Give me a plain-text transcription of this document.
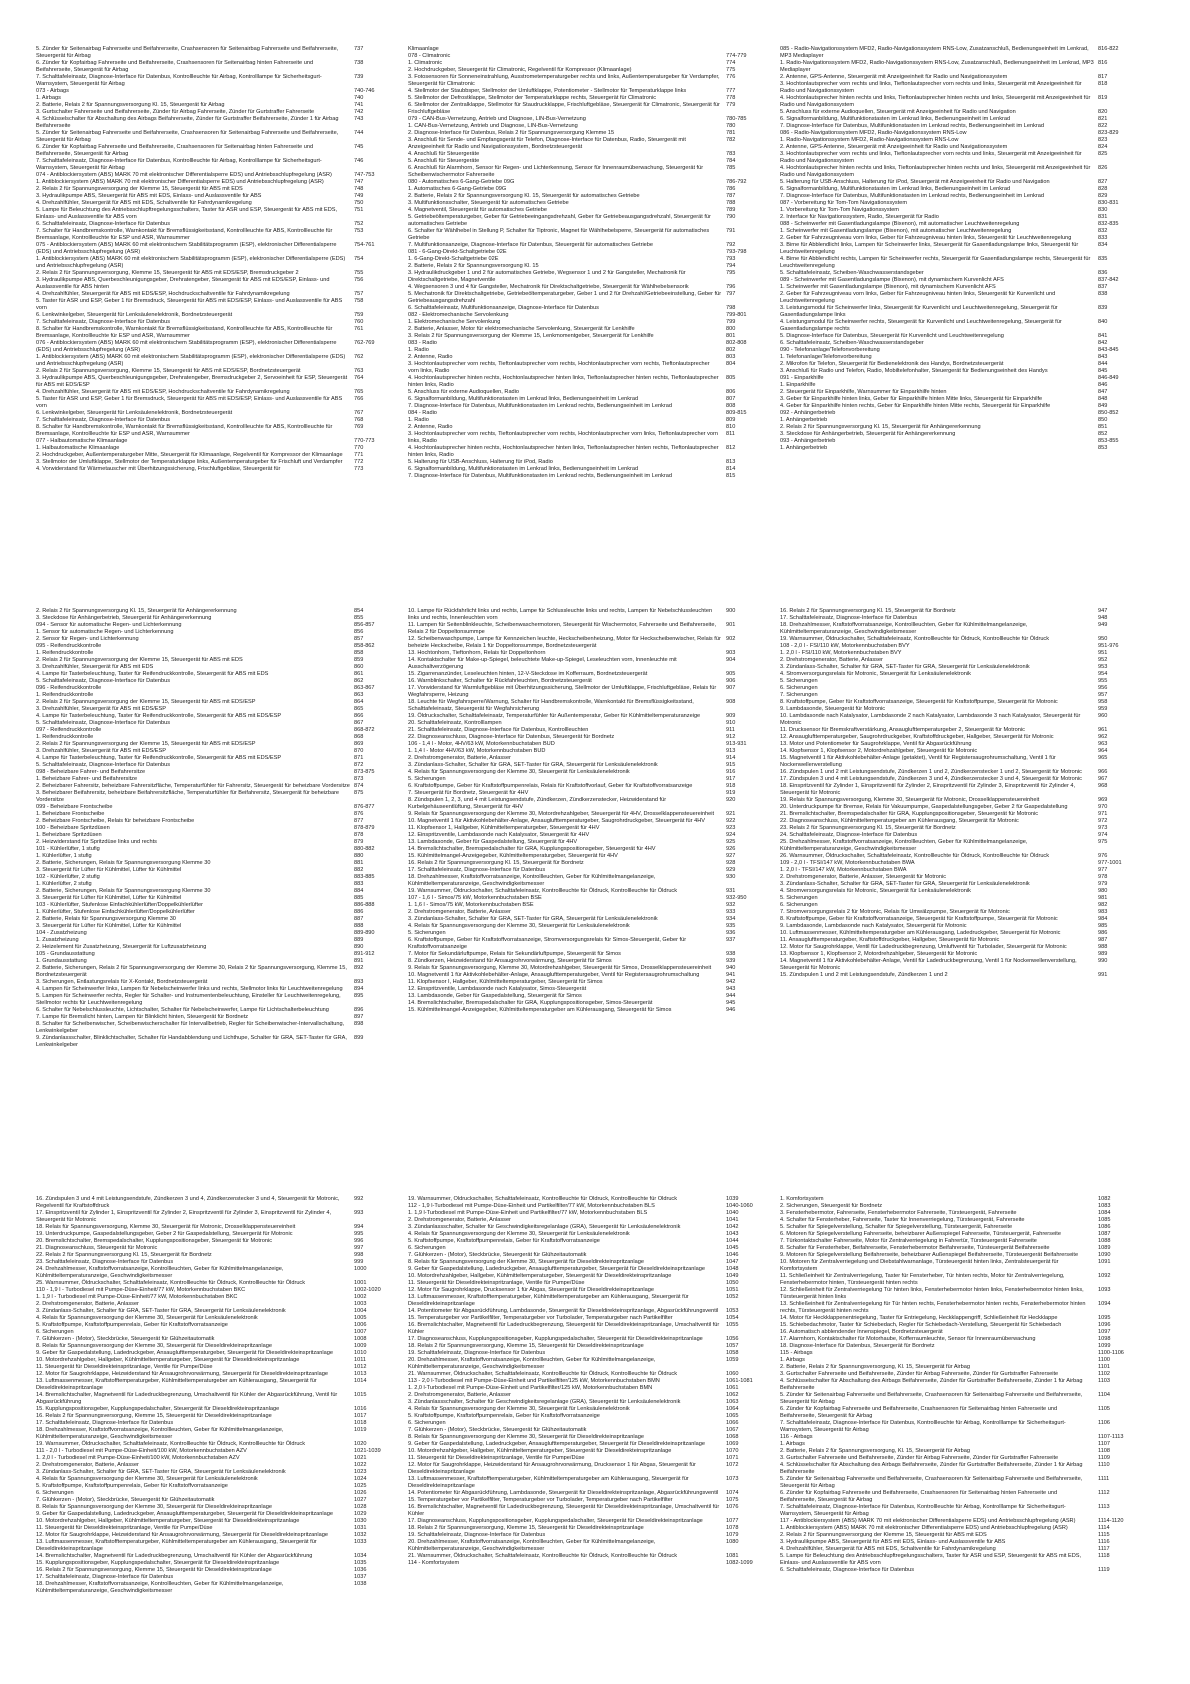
5. Zünder für Seitenairbag Fahrerseite und Beifahrerseite, Crashsensoren für Seitenairbag Fahrerseite und Beifahrerseite, Steuergerät für Airbag
737
6. Zünder für Kopfairbag Fahrerseite und Beifahrerseite, Crashsensoren für Seitenairbag hinten Fahrerseite und Beifahrerseite, Steuergerät für Airbag
738
7. Schalttafeleinsatz, Diagnose-Interface für Datenbus, Kontrollleuchte für Airbag, Kontrolllampe für Sicherheitsgurt-Warnsystem, Steuergerät für Airbag
739
073 - Airbags	740-746
1. Airbags	740
2. Batterie, Relais 2 für Spannungsversorgung Kl. 15, Steuergerät für Airbag	741
3. Gurtschalter Fahrerseite und Beifahrerseite, Zünder für Airbag Fahrerseite, Zünder für Gurtstraffer Fahrerseite	742
4. Schlüsselschalter für Abschaltung des Airbags Beifahrerseite, Zünder für Gurtstraffer Beifahrerseite, Zünder 1 für Airbag Beifahrerseite
743
5. Zünder für Seitenairbag Fahrerseite und Beifahrerseite, Crashsensoren für Seitenairbag Fahrerseite und Beifahrerseite, Steuergerät für Airbag
744
6. Zünder für Kopfairbag Fahrerseite und Beifahrerseite, Crashsensoren für Seitenairbag hinten Fahrerseite und Beifahrerseite, Steuergerät für Airbag
745
7. Schalttafeleinsatz, Diagnose-Interface für Datenbus, Kontrollleuchte für Airbag, Kontrolllampe für Sicherheitsgurt-Warnsystem, Steuergerät für Airbag
746
074 - Antiblockiersystem (ABS) MARK 70 mit elektronischer Differentialsperre EDS) und Antriebsschlupfregelung (ASR)	747-753
1. Antiblockiersystem (ABS) MARK 70 mit elektronischer Differentialsperre EDS) und Antriebsschlupfregelung (ASR)	747
2. Relais 2 für Spannungsversorgung der Klemme 15, Steuergerät für ABS mit EDS	748
3. Hydraulikpumpe ABS, Steuergerät für ABS mit EDS, Einlass- und Auslassventile für ABS	749
4. Drehzahlfühler, Steuergerät für ABS mit EDS, Schaltventile für Fahrdynamikregelung	750
5. Lampe für Beleuchtung des Antriebsschlupftregelungsschalters, Taster für ASR und ESP, Steuergerät für ABS mit EDS, Einlass- und Auslassventile für ABS vorn
751
6. Schalttafeleinsatz, Diagnose-Interface für Datenbus	752
7. Schalter für Handbremskontrolle, Warnkontakt für Bremsflüssigkeitsstand, Kontrollleuchte für ABS, Kontrollleuchte für Bremsanlage, Kontrollleuchte für ESP und ASR, Warnsummer
753
075 - Antiblockiersystem (ABS) MARK 60 mit elektronischem Stabilitätsprogramm (ESP), elektronischer Differentialsperre (EDS) und Antriebsschlupfregelung (ASR)
754-761
1. Antiblockiersystem (ABS) MARK 60 mit elektronischem Stabilitätsprogramm (ESP), elektronischer Differentialsperre (EDS) und Antriebsschlupfregelung (ASR)
754
2. Relais 2 für Spannungsversorgung, Klemme 15, Steuergerät für ABS mit EDS/ESP, Bremsdruckgeber 2	755
3. Hydraulikpumpe ABS, Querbeschleunigungsgeber, Drehratengeber, Steuergerät für ABS mit EDS/ESP, Einlass- und Auslassventile für ABS hinten
756
4. Drehzahlfühler, Steuergerät für ABS mit EDS/ESP, Hochdruckschaltventile für Fahrdynamikregelung	757
5. Taster für ASR und ESP, Geber 1 für Bremsdruck, Steuergerät für ABS mit EDS/ESP, Einlass- und Auslassventile für ABS vorn
758
6. Lenkwinkelgeber, Steuergerät für Lenksäulenelektronik, Bordnetzsteuergerät	759
7. Schalttafeleinsatz, Diagnose-Interface für Datenbus	760
8. Schalter für Handbremskontrolle, Warnkontakt für Bremsflüssigkeitsstand, Kontrollleuchte für ABS, Kontrollleuchte für Bremsanlage, Kontrollleuchte für ESP und ASR, Warnsummer
761
076 - Antiblockiersystem (ABS) MARK 60 mit elektronischem Stabilitätsprogramm (ESP), elektronischer Differentialsperre (EDS) und Antriebsschlupfregelung (ASR)
762-769
1. Antiblockiersystem (ABS) MARK 60 mit elektronischem Stabilitätsprogramm (ESP), elektronischer Differentialsperre (EDS) und Antriebsschlupfregelung (ASR)
762
2. Relais 2 für Spannungsversorgung, Klemme 15, Steuergerät für ABS mit EDS/ESP, Bordnetzsteuergerät	763
3. Hydraulikpumpe ABS, Querbeschleunigungsgeber, Drehratengeber, Bremsdruckgeber 2, Servoeinheit für ESP, Steuergerät für ABS mit EDS/ESP
764
4. Drehzahlfühler, Steuergerät für ABS mit EDS/ESP, Hochdruckschaltventile für Fahrdynamikregelung	765
5. Taster für ASR und ESP, Geber 1 für Bremsdruck, Steuergerät für ABS mit EDS/ESP, Einlass- und Auslassventile für ABS vorn
766
6. Lenkwinkelgeber, Steuergerät für Lenksäulenelektronik, Bordnetzsteuergerät	767
7. Schalttafeleinsatz, Diagnose-Interface für Datenbus	768
8. Schalter für Handbremskontrolle, Warnkontakt für Bremsflüssigkeitsstand, Kontrollleuchte für ABS, Kontrollleuchte für Bremsanlage, Kontrollleuchte für ESP und ASR, Warnsummer
769
077 - Halbautomatische Klimaanlage	770-773
1. Halbautomatische Klimaanlage	770
2. Hochdruckgeber, Außentemperaturgeber Mitte, Steuergerät für Klimaanlage, Regelventil für Kompressor der Klimaanlage	771
3. Stellmotor der Umluftklappe, Stellmotor der Temperaturklappe links, Außentemperaturgeber für Frischluft und Verdampfer	772
4. Vorwiderstand für Wärmetauscher mit Überhitzungssicherung, Frischluftgebläse, Steuergerät für	773
Klimaanlage
078 - Climatronic	774-779
1. Climatronic	774
2. Hochdruckgeber, Steuergerät für Climatronic, Regelventil für Kompressor (Klimaanlage)	775
3. Fotosensoren für Sonneneinstrahlung, Ausstrometemperaturgeber rechts und links, Außentemperaturgeber für Verdampfer, Steuergerät für Climatronic
776
4. Stellmotor der Staubbsper, Stellmotor der Umluftklappe, Potentiometer - Stellmotor für Temperaturklappe links	777
5. Stellmotor der Defrostklappe, Stellmotor der Temperaturklappe rechts, Steuergerät für Climatronic	778
6. Stellmotor der Zentralklappe, Stellmotor für Staudruckklappe, Frischluftgebläse, Steuergerät für Climatronic, Steuergerät für Frischluftgebläse
779
079 - CAN-Bus-Vernetzung, Antrieb und Diagnose, LIN-Bus-Vernetzung	780-785
1. CAN-Bus-Vernetzung, Antrieb und Diagnose, LIN-Bus-Vernetzung	780
2. Diagnose-Interface für Datenbus, Relais 2 für Spannungsversorgung Klemme 15	781
3. Anschluß für Sende- und Empfangsgerät für Telefon, Diagnose-Interface für Datenbus, Radio, Steuergerät mit Anzeigeeinheit für Radio und Navigationssystem, Bordnetzsteuergerät
782
4. Anschluß für Steuergeräte	783
5. Anschluß für Steuergeräte	784
6. Anschluß für Alarmhorn, Sensor für Regen- und Lichterkennung, Sensor für Innenraumüberwachung, Steuergerät für Scheibenwischermotor Fahrerseite
785
080 - Automatisches 6-Gang-Getriebe 09G	786-792
1. Automatisches 6-Gang-Getriebe 09G	786
2. Batterie, Relais 2 für Spannungsversorgung Kl. 15, Steuergerät für automatisches Getriebe	787
3. Multifunktionsschalter, Steuergerät für automatisches Getriebe	788
4. Magnetventil, Steuergerät für automatisches Getriebe	789
5. Getriebeöltemperaturgeber, Geber für Getriebeeingangsdrehzahl, Geber für Getriebeausgangsdrehzahl, Steuergerät für automatisches Getriebe
790
6. Schalter für Wählhebel in Stellung P, Schalter für Tiptronic, Magnet für Wählhebelsperre, Steuergerät für automatisches Getriebe
791
7. Multifunktionsanzeige, Diagnose-Interface für Datenbus, Steuergerät für automatisches Getriebe	792
081 - 6-Gang-Direkt-Schaltgetriebe 02E	793-798
1. 6-Gang-Direkt-Schaltgetriebe 02E	793
2. Batterie, Relais 2 für Spannungsversorgung Kl. 15	794
3. Hydraulikdruckgeber 1 und 2 für automatisches Getriebe, Wegsensor 1 und 2 für Gangsteller, Mechatronik für Direktschaltgetriebe, Magnetventile
795
4. Wegsensoren 3 und 4 für Gangsteller, Mechatronik für Direktschaltgetriebe, Steuergerät für Wählhebelsensorik	796
5. Mechatronik für Direktschaltgetriebe, Getriebeöltemperaturgeber, Geber 1 und 2 für Drehzahl/Getriebeeinstellung, Geber für Getriebeausgangsdrehzahl
797
6. Schalttafeleinsatz, Multifunktionsanzeige, Diagnose-Interface für Datenbus	798
082 - Elektromechanische Servolenkung	799-801
1. Elektromechanische Servolenkung	799
2. Batterie, Anlasser, Motor für elektromechanische Servolenkung, Steuergerät für Lenkhilfe	800
3. Relais 2 für Spannungsversorgung der Klemme 15, Lenkmomentgeber, Steuergerät für Lenkhilfe	801
083 - Radio	802-808
1. Radio	802
2. Antenne, Radio	803
3. Hochtonlautsprecher vorn rechts, Tieftonlautsprecher vorn rechts, Hochtonlautsprecher vorn rechts, Tieftonlautsprecher vorn links, Radio
804
4. Hochtonlautsprecher hinten rechts, Hochtonlautsprecher hinten links, Tieftonlautsprecher hinten rechts, Tieftonlautsprecher hinten links, Radio
805
5. Anschluss für externe Audioquellen, Radio	806
6. Signalformanbildung, Multifunktionstasten im Lenkrad links, Bedienungseinheit im Lenkrad	807
7. Diagnose-Interface für Datenbus, Multifunktionstasten im Lenkrad rechts, Bedienungseinheit im Lenkrad	808
084 - Radio	809-815
1. Radio	809
2. Antenne, Radio	810
3. Hochtonlautsprecher vorn rechts, Tieftonlautsprecher vorn rechts, Hochtonlautsprecher vorn links, Tieftonlautsprecher vorn links, Radio
811
4. Hochtonlautsprecher hinten rechts, Hochtonlautsprecher hinten links, Tieftonlautsprecher hinten rechts, Tieftonlautsprecher hinten links, Radio
812
5. Halterung für USB-Anschluss, Halterung für iPod, Radio	813
6. Signalformanbildung, Multifunktionstasten im Lenkrad links, Bedienungseinheit im Lenkrad	814
7. Diagnose-Interface für Datenbus, Multifunktionstasten im Lenkrad rechts, Bedienungseinheit im Lenkrad	815
085 - Radio-Navigationssystem MFD2, Radio-Navigationssystem RNS-Low, Zusatzanschluß, Bedienungseinheit im Lenkrad, MP3 Mediaplayer
816-822
1. Radio-Navigationssystem MFD2, Radio-Navigationssystem RNS-Low, Zusatzanschluß, Bedienungseinheit im Lenkrad, MP3 Mediaplayer
816
2. Antenne, GPS-Antenne, Steuergerät mit Anzeigeeinheit für Radio und Navigationssystem	817
3. Hochtonlautsprecher vorn rechts und links, Tieftonlautsprecher vorn rechts und links, Steuergerät mit Anzeigeeinheit für Radio und Navigationssystem
818
4. Hochtonlautsprecher hinten rechts und links, Tieftonlautsprecher hinten rechts und links, Steuergerät mit Anzeigeeinheit für Radio und Navigationssystem
819
5. Anschluss für externe Audioquellen, Steuergerät mit Anzeigeeinheit für Radio und Navigation	820
6. Signalformanbildung, Multifunktionstasten im Lenkrad links, Bedienungseinheit im Lenkrad	821
7. Diagnose-Interface für Datenbus, Multifunktionstasten im Lenkrad rechts, Bedienungseinheit im Lenkrad	822
086 - Radio-Navigationssystem MFD2, Radio-Navigationssystem RNS-Low	823-829
1. Radio-Navigationssystem MFD2, Radio-Navigationssystem RNS-Low	823
2. Antenne, GPS-Antenne, Steuergerät mit Anzeigeeinheit für Radio und Navigationssystem	824
3. Hochtonlautsprecher vorn rechts und links, Tieftonlautsprecher vorn rechts und links, Steuergerät mit Anzeigeeinheit für Radio und Navigationssystem
825
4. Hochtonlautsprecher hinten rechts und links, Tieftonlautsprecher hinten rechts und links, Steuergerät mit Anzeigeeinheit für Radio und Navigationssystem
826
5. Halterung für USB-Anschluss, Halterung für iPod, Steuergerät mit Anzeigeeinheit für Radio und Navigation	827
6. Signalformanbildung, Multifunktionstasten im Lenkrad links, Bedienungseinheit im Lenkrad	828
7. Diagnose-Interface für Datenbus, Multifunktionstasten im Lenkrad rechts, Bedienungseinheit im Lenkrad	829
087 - Vorbereitung für Tom-Tom Navigationssystem	830-831
1. Vorbereitung für Tom-Tom Navigationssystem	830
2. Interface für Navigationssystem, Radio, Steuergerät für Radio	831
088 - Scheinwerfer mit Gasentladungslampe (Bixenon), mit automatischer Leuchtweitenregelung	832-835
1. Scheinwerfer mit Gasentladungslampe (Bixenon), mit automatischer Leuchtweitenregelung	832
2. Geber für Fahrzeugniveau vorn links, Geber für Fahrzeugniveau hinten links, Steuergerät für Leuchtweitenregelung	833
3. Birne für Abblendlicht links, Lampen für Scheinwerfer links, Steuergerät für Gasentladungslampe links, Steuergerät für Leuchtweitenregelung
834
4. Birne für Abblendlicht rechts, Lampen für Scheinwerfer rechts, Steuergerät für Gasentladungslampe rechts, Steuergerät für Leuchtweitenregelung
835
5. Schalttafeleinsatz, Scheiben-Waschwasserstandsgeber	836
089 - Scheinwerfer mit Gasentladungslampe (Bixenon), mit dynamischem Kurvenlicht AFS	837-842
1. Scheinwerfer mit Gasentladungslampe (Bixenon), mit dynamischem Kurvenlicht AFS	837
2. Geber für Fahrzeugniveau vorn links, Geber für Fahrzeugniveau hinten links, Steuergerät für Kurvenlicht und Leuchtweitenregelung
838
3. Leistungsmodul für Scheinwerfer links, Steuergerät für Kurvenlicht und Leuchtweitenregelung, Steuergerät für Gasentladungslampe links
839
4. Leistungsmodul für Scheinwerfer rechts, Steuergerät für Kurvenlicht und Leuchtweitenregelung, Steuergerät für Gasentladungslampe rechts
840
5. Diagnose-Interface für Datenbus, Steuergerät für Kurvenlicht und Leuchtweitenregelung	841
6. Schalttafeleinsatz, Scheiben-Waschwasserstandsgeber	842
090 - Telefonanlage/Telefonvorbereitung	843-845
1. Telefonanlage/Telefonvorbereitung	843
2. Mikrofon für Telefon, Steuergerät für Bedienelektronik des Handys, Bordnetzsteuergerät	844
3. Anschluß für Radio und Telefon, Radio, Mobiltelefonhalter, Steuergerät für Bedienungseinheit des Handys	845
091 - Einparkhilfe	846-849
1. Einparkhilfe	846
2. Steuergerät für Einparkhilfe, Warnsummer für Einparkhilfe hinten	847
3. Geber für Einparkhilfe hinten links, Geber für Einparkhilfe hinten Mitte links, Steuergerät für Einparkhilfe	848
4. Geber für Einparkhilfe hinten rechts, Geber für Einparkhilfe hinten Mitte rechts, Steuergerät für Einparkhilfe	849
092 - Anhängerbetrieb	850-852
1. Anhängerbetrieb	850
2. Relais 2 für Spannungsversorgung Kl. 15, Steuergerät für Anhängererkennung	851
3. Steckdose für Anhängerbetrieb, Steuergerät für Anhängererkennung	852
093 - Anhängerbetrieb	853-855
1. Anhängerbetrieb	853
2. Relais 2 für Spannungsversorgung Kl. 15, Steuergerät für Anhängererkennung	854
3. Steckdose für Anhängerbetrieb, Steuergerät für Anhängererkennung	855
094 - Sensor für automatische Regen- und Lichterkennung	856-857
1. Sensor für automatische Regen- und Lichterkennung	856
2. Sensor für Regen- und Lichterkennung	857
095 - Reifendruckkontrolle	858-862
1. Reifendruckkontrolle	858
2. Relais 2 für Spannungsversorgung der Klemme 15, Steuergerät für ABS mit EDS	859
3. Drehzahlfühler, Steuergerät für ABS mit EDS	860
4. Lampe für Tasterbeleuchtung, Taster für Reifendruckkontrolle, Steuergerät für ABS mit EDS	861
5. Schalttafeleinsatz, Diagnose-Interface für Datenbus	862
096 - Reifendruckkontrolle	863-867
1. Reifendruckkontrolle	863
2. Relais 2 für Spannungsversorgung der Klemme 15, Steuergerät für ABS mit EDS/ESP	864
3. Drehzahlfühler, Steuergerät für ABS mit EDS/ESP	865
4. Lampe für Tasterbeleuchtung, Taster für Reifendruckkontrolle, Steuergerät für ABS mit EDS/ESP	866
5. Schalttafeleinsatz, Diagnose-Interface für Datenbus	867
097 - Reifendruckkontrolle	868-872
1. Reifendruckkontrolle	868
2. Relais 2 für Spannungsversorgung der Klemme 15, Steuergerät für ABS mit EDS/ESP	869
3. Drehzahlfühler, Steuergerät für ABS mit EDS/ESP	870
4. Lampe für Tasterbeleuchtung, Taster für Reifendruckkontrolle, Steuergerät für ABS mit EDS/ESP	871
5. Schalttafeleinsatz, Diagnose-Interface für Datenbus	872
098 - Beheizbare Fahrer- und Beifahrersitze	873-875
1. Beheizbare Fahrer- und Beifahrersitze	873
2. Beheizbarer Fahrersitz, beheizbare Fahrersitzfläche, Temperaturfühler für Fahrersitz, Steuergerät für beheizbare Vordersitze 874
3. Beheizbarer Beifahrersitz, beheizbare Beifahrersitzfläche, Temperaturfühler für Beifahrersitz, Steuergerät für beheizbare Vordersitze
875
099 - Beheizbare Frontscheibe	876-877
1. Beheizbare Frontscheibe	876
2. Beheizbare Frontscheibe, Relais für beheizbare Frontscheibe	877
100 - Beheizbare Spritzdüsen	878-879
1. Beheizbare Spritzdüsen	878
2. Heizwiderstand für Spritzdüse links und rechts	879
101 - Kühlerlüfter, 1 stufig	880-882
1. Kühlerlüfter, 1 stufig	880
2. Batterie, Sicherungen, Relais für Spannungsversorgung Klemme 30	881
3. Steuergerät für Lüfter für Kühlmittel, Lüfter für Kühlmittel	882
102 - Kühlerlüfter, 2 stufig	883-885
1. Kühlerlüfter, 2 stufig	883
2. Batterie, Sicherungen, Relais für Spannungsversorgung Klemme 30	884
3. Steuergerät für Lüfter für Kühlmittel, Lüfter für Kühlmittel	885
103 - Kühlerlüfter, Stufenlose Einfachkühlerlüfter/Doppelkühlerlüfter	886-888
1. Kühlerlüfter, Stufenlose Einfachkühlerlüfter/Doppelkühlerlüfter	886
2. Batterie, Relais für Spannungsversorgung Klemme 30	887
3. Steuergerät für Lüfter für Kühlmittel, Lüfter für Kühlmittel	888
104 - Zusatzheizung	889-890
1. Zusatzheizung	889
2. Heizelement für Zusatzheizung, Steuergerät für Luftzusatzheizung	890
105 - Grundausstattung	891-912
1. Grundausstattung	891
2. Batterie, Sicherungen, Relais 2 für Spannungsversorgung der Klemme 30, Relais 2 für Spannungsversorgung, Klemme 15, Bordnetzsteuergerät
892
3. Sicherungen, Entlastungsrelais für X-Kontakt, Bordnetzsteuergerät	893
4. Lampen für Scheinwerfer links, Lampen für Nebelscheinwerfer links und rechts, Stellmotor links für Leuchtweitenregelung	894
5. Lampen für Scheinwerfer rechts, Regler für Schalter- und Instrumentenbeleuchtung, Einsteller für Leuchtweitenregelung, Stellmotor rechts für Leuchtweitenregelung
895
6. Schalter für Nebelschlussleuchte, Lichtschalter, Schalter für Nebelscheinwerfer, Lampe für Lichtschalterbeleuchtung	896
7. Lampe für Bremslicht hinten, Lampen für Blinklicht hinten, Steuergerät für Bordnetz	897
8. Schalter für Scheibenwischer, Scheibenwischerschalter für Intervallbetrieb, Regler für Scheibenwischer-Intervallschaltung, Lenkwinkelgeber
898
9. Zündanlassschalter, Blinklichtschalter, Schalter für Handabblendung und Lichthupe, Schalter für GRA, SET-Taster für GRA, Lenkwinkelgeber
899
10. Lampe für Rückfahrlicht links und rechts, Lampe für Schlussleuchte links und rechts, Lampen für Nebelschlussleuchten links und rechts, Innenleuchten vorn
900
11. Lampen für Seitenblinkleuchte, Scheibenwaschermotoren, Steuergerät für Wischermotor, Fahrerseite und Beifahrerseite, Relais 2 für Doppeltonsummpe
901
12. Scheibenwaschpumpe, Lampe für Kennzeichen leuchte, Heckscheibenheizung, Motor für Heckscheibenwischer, Relais für beheizte Heckscheibe, Relais 1 für Doppeltonsummpe, Bordnetzsteuergerät
902
13. Hochtonhorn, Tieftonhorn, Relais für Doppeltonhorn	903
14. Kontaktschalter für Make-up-Spiegel, beleuchtete Make-up-Spiegel, Leseleuchten vorn, Innenleuchte mit Ausschaltverzögerung
904
15. Zigarrenanzünder, Leseleuchten hinten, 12-V-Steckdose im Kofferraum, Bordnetzsteuergerät	905
16. Warnblinkschalter, Schalter für Rückfahrleuchten, Bordnetzsteuergerät	906
17. Vorwiderstand für Warmluftgebläse mit Überhitzungssicherung, Stellmotor der Umluftklappe, Frischluftgebläse, Relais für Wegfahrsperre, Heizung
907
18. Leuchte für Wegfahrsperre/Warnung, Schalter für Handbremskontrolle, Warnkontakt für Bremsflüssigkeitsstand, Schalttafeleinsatz, Steuergerät für Wegfahrsicherung
908
19. Öldruckschalter, Schalttafeleinsatz, Temperaturfühler für Außentemperatur, Geber für Kühlmitteltemperaturanzeige	909
20. Schalttafeleinsatz, Kontrolllampen	910
21. Schalttafeleinsatz, Diagnose-Interface für Datenbus, Kontrollleuchten	911
22. Diagnoseanschluss, Diagnose-Interface für Datenbus, Steuergerät für Bordnetz	912
106 - 1,4 l - Motor, 4HV/63 kW, Motorkennbuchstaben BUD	913-931
1. 1,4 l - Motor 4HV/63 kW, Motorkennbuchstaben BUD	913
2. Drehstromgenerator, Batterie, Anlasser	914
3. Zündanlass-Schalter, Schalter für GRA, SET-Taster für GRA, Steuergerät für Lenksäulenelektronik	915
4. Relais für Spannungsversorgung der Klemme 30, Steuergerät für Lenksäulenelektronik	916
5. Sicherungen	917
6. Kraftstoffpumpe, Geber für Kraftstoffpumpenrelais, Relais für Kraftstoffvorlauf, Geber für Kraftstoffvorratsanzeige	918
7. Steuergerät für Bordnetz, Steuergerät für 4HV	919
8. Zündspulen 1, 2, 3, und 4 mit Leistungsendstufe, Zündkerzen, Zündkerzenstecker, Heizwiderstand für Kurbelgehäuseentlüftung, Steuergerät für 4HV
920
9. Relais für Spannungsversorgung der Klemme 30, Motordrehzahlgeber, Steuergerät für 4HV, Drosselklappensteuereinheit	921
10. Magnetventil 1 für Aktivkohlebehälter-Anlage, Ansauglufttemperaturgeber, Saugrohrdruckgeber, Steuergerät für 4HV	922
11. Klopfsensor 1, Hallgeber, Kühlmitteltemperaturgeber, Steuergerät für 4HV	923
12. Einspritzventile, Lambdasonde nach Katalysator, Steuergerät für 4HV	924
13. Lambdasonde, Geber für Gaspedalstellung, Steuergerät für 4HV	925
14. Bremslichtschalter, Bremspedalschalter für GRA, Kupplungspositionsgeber, Steuergerät für 4HV	926
15. Kühlmittelmangel-Anzeigegeber, Kühlmitteltemperaturgeber, Steuergerät für 4HV	927
16. Relais 2 für Spannungsversorgung Kl. 15, Steuergerät für Bordnetz	928
17. Schalttafeleinsatz, Diagnose-Interface für Datenbus	929
18. Drehzahlmesser, Kraftstoffvorratsanzeige, Kontrollleuchten, Geber für Kühlmittelmangelanzeige, Kühlmitteltemperaturanzeige, Geschwindigkeitsmesser
930
19. Warnsummer, Öldruckschalter, Schalttafeleinsatz, Kontrollleuchte für Öldruck, Kontrollleuchte für Öldruck	931
107 - 1,6 l - Simos/75 kW, Motorkennbuchstaben BSE	932-950
1. 1,6 l - Simos/75 kW, Motorkennbuchstaben BSE	932
2. Drehstromgenerator, Batterie, Anlasser	933
3. Zündanlass-Schalter, Schalter für GRA, SET-Taster für GRA, Steuergerät für Lenksäulenelektronik	934
4. Relais für Spannungsversorgung der Klemme 30, Steuergerät für Lenksäulenelektronik	935
5. Sicherungen	936
6. Kraftstoffpumpe, Geber für Kraftstoffvorratsanzeige, Stromversorgungsrelais für Simos-Steuergerät, Geber für Kraftstoffvorratsanzeige
937
7. Motor für Sekundärluftpumpe, Relais für Sekundärluftpumpe, Steuergerät für Simos	938
8. Zündkerzen, Heizwiderstand für Ansaugrohrvorwärmung, Steuergerät für Simos	939
9. Relais für Spannungsversorgung, Klemme 30, Motordrehzahlgeber, Steuergerät für Simos, Drosselklappensteuereinheit	940
10. Magnetventil 1 für Aktivkohlebehälter-Anlage, Ansauglufttemperaturgeber, Ventil für Registersaugrohrumschaltung	941
11. Klopfsensor I, Hallgeber, Kühlmitteltemperaturgeber, Steuergerät für Simos	942
12. Einspritzventile, Lambdasonde nach Katalysator, Simos-Steuergerät	943
13. Lambdasonde, Geber für Gaspedalstellung, Steuergerät für Simos	944
14. Bremslichtschalter, Bremspedalschalter für GRA, Kupplungspositionsgeber, Simos-Steuergerät	945
15. Kühlmittelmangel-Anzeigegeber, Kühlmitteltemperaturgeber am Kühlerausgang, Steuergerät für Simos	946
16. Relais 2 für Spannungsversorgung Kl. 15, Steuergerät für Bordnetz	947
17. Schalttafeleinsatz, Diagnose-Interface für Datenbus	948
18. Drehzahlmesser, Kraftstoffvorratsanzeige, Kontrollleuchten, Geber für Kühlmittelmangelanzeige, Kühlmitteltemperaturanzeige, Geschwindigkeitsmesser
949
19. Warnsummer, Öldruckschalter, Schalttafeleinsatz, Kontrollleuchte für Öldruck, Kontrollleuchte für Öldruck	950
108 - 2,0 l - FSI/110 kW, Motorkennbuchstaben BVY	951-976
1. 2,0 l - FSI/110 kW, Motorkennbuchstaben BVY	951
2. Drehstromgenerator, Batterie, Anlasser	952
3. Zündanlass-Schalter, Schalter für GRA, SET-Taster für GRA, Steuergerät für Lenksäulenelektronik	953
4. Stromversorgungsrelais für Motronic, Steuergerät für Lenksäulenelektronik	954
5. Sicherungen	955
6. Sicherungen	956
7. Sicherungen	957
8. Kraftstoffpumpe, Geber für Kraftstoffvorratsanzeige, Steuergerät für Kraftstoffpumpe, Steuergerät für Motronic	958
9. Lambdasonde, Steuergerät für Motronic	959
10. Lambdasonde nach Katalysator, Lambdasonde 2 nach Katalysator, Lambdasonde 3 nach Katalysator, Steuergerät für Motronic
960
11. Drucksensor für Bremskraftverstärkung, Ansauglufttemperaturgeber 2, Steuergerät für Motronic	961
12. Ansauglufttemperaturgeber, Saugrohrdruckgeber, Kraftstoffdruckgeber, Hallgeber, Steuergerät für Motronic	962
13. Motor und Potentiometer für Saugrohrklappe, Ventil für Abgasrückführung	963
14. Klopfsensor 1, Klopfsensor 2, Motordrehzahlgeber, Steuergerät für Motronic	964
15. Magnetventil 1 für Aktivkohlebehälter-Anlage (getaktet), Ventil für Registersaugrohrumschaltung, Ventil 1 für Nockenwellenverstellung
965
16. Zündspulen 1 und 2 mit Leistungsendstufe, Zündkerzen 1 und 2, Zündkerzenstecker 1 und 2, Steuergerät für Motronic	966
17. Zündspulen 3 und 4 mit Leistungsendstufe, Zündkerzen 3 und 4, Zündkerzenstecker 3 und 4, Steuergerät für Motronic	967
18. Einspritzventil für Zylinder 1, Einspritzventil für Zylinder 2, Einspritzventil für Zylinder 3, Einspritzventil für Zylinder 4, Steuergerät für Motronic
968
19. Relais für Spannungsversorgung, Klemme 30, Steuergerät für Motronic, Drosselklappensteuereinheit	969
20. Unterdruckpumpe für Bremse, Relais für Vakuumpumpe, Gaspedalstellungsgeber, Geber 2 für Gaspedalstellung	970
21. Bremslichtschalter, Bremspedalschalter für GRA, Kupplungspositionsgeber, Steuergerät für Motronic	971
22. Diagnoseanschluss, Kühlmitteltemperaturgeber am Kühlerausgang, Steuergerät für Motronic	972
23. Relais 2 für Spannungsversorgung Kl. 15, Steuergerät für Bordnetz	973
24. Schalttafeleinsatz, Diagnose-Interface für Datenbus	974
25. Drehzahlmesser, Kraftstoffvorratsanzeige, Kontrollleuchten, Geber für Kühlmittelmangelanzeige, Kühlmitteltemperaturanzeige, Geschwindigkeitsmesser
975
26. Warnsummer, Öldruckschalter, Schalttafeleinsatz, Kontrollleuchte für Öldruck, Kontrollleuchte für Öldruck	976
109 - 2,0 l - TFSI/147 kW, Motorkennbuchstaben BWA	977-1001
1. 2,0 l - TFSI/147 kW, Motorkennbuchstaben BWA	977
2. Drehstromgenerator, Batterie, Anlasser, Steuergerät für Motronic	978
3. Zündanlass-Schalter, Schalter für GRA, SET-Taster für GRA, Steuergerät für Lenksäulenelektronik	979
4. Stromversorgungsrelais für Motronic, Steuergerät für Lenksäulenelektronik	980
5. Sicherungen	981
6. Sicherungen	982
7. Stromversorgungsrelais 2 für Motronic, Relais für Umwälzpumpe, Steuergerät für Motronic	983
8. Kraftstoffpumpe, Geber für Kraftstoffvorratsanzeige, Steuergerät für Kraftstoffpumpe, Steuergerät für Motronic	984
9. Lambdasonde, Lambdasonde nach Katalysator, Steuergerät für Motronic	985
10. Luftmassenmesser, Kühlmitteltemperaturgeber am Kühlerausgang, Ladedruckgeber, Steuergerät für Motronic	986
11. Ansauglufttemperaturgeber, Kraftstoffdruckgeber, Hallgeber, Steuergerät für Motronic	987
12. Motor für Saugrohrklappe, Ventil für Ladedruckbegrenzung, Umluftventil für Turbolader, Steuergerät für Motronic	988
13. Klopfsensor 1, Klopfsensor 2, Motordrehzahlgeber, Steuergerät für Motronic	989
14. Magnetventil 1 für Aktivkohlebehälter-Anlage, Ventil für Ladedruckbegrenzung, Ventil 1 für Nockenwellenverstellung, Steuergerät für Motronic
990
15. Zündspulen 1 und 2 mit Leistungsendstufe, Zündkerzen 1 und 2	991
16. Zündspulen 3 und 4 mit Leistungsendstufe, Zündkerzen 3 und 4, Zündkerzenstecker 3 und 4, Steuergerät für Motronic, Regelventil für Kraftstoffdruck
992
17. Einspritzventil für Zylinder 1, Einspritzventil für Zylinder 2, Einspritzventil für Zylinder 3, Einspritzventil für Zylinder 4, Steuergerät für Motronic
993
18. Relais für Spannungsversorgung, Klemme 30, Steuergerät für Motronic, Drosselklappensteuereinheit	994
19. Unterdruckpumpe, Gaspedalstellungsgeber, Geber 2 für Gaspedalstellung, Steuergerät für Motronic	995
20. Bremslichtschalter, Bremspedalschalter, Kupplungspositionsgeber, Steuergerät für Motronic	996
21. Diagnoseanschluss, Steuergerät für Motronic	997
22. Relais 2 für Spannungsversorgung Kl. 15, Steuergerät für Bordnetz	998
23. Schalttafeleinsatz, Diagnose-Interface für Datenbus	999
24. Drehzahlmesser, Kraftstoffvorratsanzeige, Kontrollleuchten, Geber für Kühlmittelmangelanzeige, Kühlmitteltemperaturanzeige, Geschwindigkeitsmesser
1000
25. Warnsummer, Öldruckschalter, Schalttafeleinsatz, Kontrollleuchte für Öldruck, Kontrollleuchte für Öldruck	1001
110 - 1,9 l - Turbodiesel mit Pumpe-Düse-Einheit/77 kW, Motorkennbuchstaben BKC	1002-1020
1. 1,9 l - Turbodiesel mit Pumpe-Düse-Einheit/77 kW, Motorkennbuchstaben BKC	1002
2. Drehstromgenerator, Batterie, Anlasser	1003
3. Zündanlass-Schalter, Schalter für GRA, SET-Taster für GRA, Steuergerät für Lenksäulenelektronik	1004
4. Relais für Spannungsversorgung der Klemme 30, Steuergerät für Lenksäulenelektronik	1005
5. Kraftstoffpumpe, Kraftstoffpumpenrelais, Geber für Kraftstoffvorratsanzeige	1006
6. Sicherungen	1007
7. Glühkerzen - (Motor), Steckbrücke, Steuergerät für Glühzeitautomatik	1008
8. Relais für Spannungsversorgung der Klemme 30, Steuergerät für Dieseldirekteinspritzanlage	1009
9. Geber für Gaspedalstellung, Ladedruckgeber, Ansauglufttemperaturgeber, Steuergerät für Dieseldirekteinspritzanlage	1010
10. Motordrehzahlgeber, Hallgeber, Kühlmitteltemperaturgeber, Steuergerät für Dieseldirekteinspritzanlage	1011
11. Steuergerät für Dieseldirekteinspritzanlage, Ventile für Pumpe/Düse	1012
12. Motor für Saugrohrklappe, Heizwiderstand für Ansaugrohrvorwärmung, Steuergerät für Dieseldirekteinspritzanlage	1013
13. Luftmassenmesser, Kraftstofftemperaturgeber, Kühlmitteltemperaturgeber am Kühlerausgang, Steuergerät für Dieseldirekteinspritzanlage
1014
14. Bremslichtschalter, Magnetventil für Ladedruckbegrenzung, Umschaltventil für Kühler der Abgasrückführung, Ventil für Abgasrückführung
1015
15. Kupplungspositionsgeber, Kupplungspedalschalter, Steuergerät für Dieseldirekteinspritzanlage	1016
16. Relais 2 für Spannungsversorgung, Klemme 15, Steuergerät für Dieseldirekteinspritzanlage	1017
17. Schalttafeleinsatz, Diagnose-Interface für Datenbus	1018
18. Drehzahlmesser, Kraftstoffvorratsanzeige, Kontrollleuchten, Geber für Kühlmittelmangelanzeige, Kühlmitteltemperaturanzeige, Geschwindigkeitsmesser
1019
19. Warnsummer, Öldruckschalter, Schalttafeleinsatz, Kontrollleuchte für Öldruck, Kontrollleuchte für Öldruck	1020
111 - 2,0 l - Turbodiesel mit Pumpe-Düse-Einheit/100 kW, Motorkennbuchstaben AZV	1021-1039
1. 2,0 l - Turbodiesel mit Pumpe-Düse-Einheit/100 kW, Motorkennbuchstaben AZV	1021
2. Drehstromgenerator, Batterie, Anlasser	1022
3. Zündanlass-Schalter, Schalter für GRA, SET-Taster für GRA, Steuergerät für Lenksäulenelektronik	1023
4. Relais für Spannungsversorgung der Klemme 30, Steuergerät für Lenksäulenelektronik	1024
5. Kraftstoffpumpe, Kraftstoffpumpenrelais, Geber für Kraftstoffvorratsanzeige	1025
6. Sicherungen	1026
7. Glühkerzen - (Motor), Steckbrücke, Steuergerät für Glühzeitautomatik	1027
8. Relais für Spannungsversorgung der Klemme 30, Steuergerät für Dieseldirekteinspritzanlage	1028
9. Geber für Gaspedalstellung, Ladedruckgeber, Ansauglufttemperaturgeber, Steuergerät für Dieseldirekteinspritzanlage	1029
10. Motordrehzahlgeber, Hallgeber, Kühlmitteltemperaturgeber, Steuergerät für Dieseldirekteinspritzanlage	1030
11. Steuergerät für Dieseldirekteinspritzanlage, Ventile für Pumpe/Düse	1031
12. Motor für Saugrohrklappe, Heizwiderstand für Ansaugrohrvorwärmung, Steuergerät für Dieseldirekteinspritzanlage	1032
13. Luftmassenmesser, Kraftstofftemperaturgeber, Kühlmitteltemperaturgeber am Kühlerausgang, Steuergerät für Dieseldirekteinspritzanlage
1033
14. Bremslichtschalter, Magnetventil für Ladedruckbegrenzung, Umschaltventil für Kühler der Abgasrückführung	1034
15. Kupplungspositionsgeber, Kupplungspedalschalter, Steuergerät für Dieseldirekteinspritzanlage	1035
16. Relais 2 für Spannungsversorgung, Klemme 15, Steuergerät für Dieseldirekteinspritzanlage	1036
17. Schalttafeleinsatz, Diagnose-Interface für Datenbus	1037
18. Drehzahlmesser, Kraftstoffvorratsanzeige, Kontrollleuchten, Geber für Kühlmittelmangelanzeige, Kühlmitteltemperaturanzeige, Geschwindigkeitsmesser
1038
19. Warnsummer, Öldruckschalter, Schalttafeleinsatz, Kontrollleuchte für Öldruck, Kontrollleuchte für Öldruck	1039
112 - 1,9 l-Turbodiesel mit Pumpe-Düse-Einheit und Partikelfilter/77 kW, Motorkennbuchstaben BLS	1040-1060
1. 1,9 l-Turbodiesel mit Pumpe-Düse-Einheit und Partikelfilter/77 kW, Motorkennbuchstaben BLS	1040
2. Drehstromgenerator, Batterie, Anlasser	1041
3. Zündanlassschalter, Schalter für Geschwindigkeitsregelanlage (GRA), Steuergerät für Lenksäulenelektronik	1042
4. Relais für Spannungsversorgung der Klemme 30, Steuergerät für Lenksäulenelektronik	1043
5. Kraftstoffpumpe, Kraftstoffpumpenrelais, Geber für Kraftstoffvorratsanzeige	1044
6. Sicherungen	1045
7. Glühkerzen - (Motor), Steckbrücke, Steuergerät für Glühzeitautomatik	1046
8. Relais für Spannungsversorgung der Klemme 30, Steuergerät für Dieseldirekteinspritzanlage	1047
9. Geber für Gaspedalstellung, Ladedruckgeber, Ansauglufttemperaturgeber, Steuergerät für Dieseldirekteinspritzanlage	1048
10. Motordrehzahlgeber, Hallgeber, Kühlmitteltemperaturgeber, Steuergerät für Dieseldirekteinspritzanlage	1049
11. Steuergerät für Dieseldirekteinspritzanlage, Ventile für Pumpe/Düse	1050
12. Motor für Saugrohrklappe, Drucksensor 1 für Abgas, Steuergerät für Dieseldirekteinspritzanlage	1051
13. Luftmassenmesser, Kraftstofftemperaturgeber, Kühlmitteltemperaturgeber am Kühlerausgang, Steuergerät für Dieseldirekteinspritzanlage
1052
14. Potentiometer für Abgasrückführung, Lambdasonde, Steuergerät für Dieseldirekteinspritzanlage, Abgasrückführungsventil	1053
15. Temperaturgeber vor Partikelfilter, Temperaturgeber vor Turbolader, Temperaturgeber nach Partikelfilter	1054
16. Bremslichtschalter, Magnetventil für Ladedruckbegrenzung, Steuergerät für Dieseldirekteinspritzanlage, Umschaltventil für Kühler
1055
17. Diagnoseanschluss, Kupplungspositionsgeber, Kupplungspedalschalter, Steuergerät für Dieseldirekteinspritzanlage	1056
18. Relais 2 für Spannungsversorgung, Klemme 15, Steuergerät für Dieseldirekteinspritzanlage	1057
19. Schalttafeleinsatz, Diagnose-Interface für Datenbus	1058
20. Drehzahlmesser, Kraftstoffvorratsanzeige, Kontrollleuchten, Geber für Kühlmittelmangelanzeige, Kühlmitteltemperaturanzeige, Geschwindigkeitsmesser
1059
21. Warnsummer, Öldruckschalter, Schalttafeleinsatz, Kontrollleuchte für Öldruck, Kontrollleuchte für Öldruck	1060
113 - 2,0 l-Turbodiesel mit Pumpe-Düse-Einheit und Partikelfilter/125 kW, Motorkennbuchstaben BMN	1061-1081
1. 2,0 l-Turbodiesel mit Pumpe-Düse-Einheit und Partikelfilter/125 kW, Motorkennbuchstaben BMN	1061
2. Drehstromgenerator, Batterie, Anlasser	1062
3. Zündanlassschalter, Schalter für Geschwindigkeitsregelanlage (GRA), Steuergerät für Lenksäulenelektronik	1063
4. Relais für Spannungsversorgung der Klemme 30, Steuergerät für Lenksäulenelektronik	1064
5. Kraftstoffpumpe, Kraftstoffpumpenrelais, Geber für Kraftstoffvorratsanzeige	1065
6. Sicherungen	1066
7. Glühkerzen - (Motor), Steckbrücke, Steuergerät für Glühzeitautomatik	1067
8. Relais für Spannungsversorgung der Klemme 30, Steuergerät für Dieseldirekteinspritzanlage	1068
9. Geber für Gaspedalstellung, Ladedruckgeber, Ansauglufttemperaturgeber, Steuergerät für Dieseldirekteinspritzanlage	1069
10. Motordrehzahlgeber, Hallgeber, Kühlmitteltemperaturgeber, Steuergerät für Dieseldirekteinspritzanlage	1070
11. Steuergerät für Dieseldirekteinspritzanlage, Ventile für Pumpe/Düse	1071
12. Motor für Saugrohrklappe, Heizwiderstand für Ansaugrohrvorwärmung, Drucksensor 1 für Abgas, Steuergerät für Dieseldirekteinspritzanlage
1072
13. Luftmassenmesser, Kraftstofftemperaturgeber, Kühlmitteltemperaturgeber am Kühlerausgang, Steuergerät für Dieseldirekteinspritzanlage
1073
14. Potentiometer für Abgasrückführung, Lambdasonde, Steuergerät für Dieseldirekteinspritzanlage, Abgasrückführungsventil	1074
15. Temperaturgeber vor Partikelfilter, Temperaturgeber vor Turbolader, Temperaturgeber nach Partikelfilter	1075
16. Bremslichtschalter, Magnetventil für Ladedruckbegrenzung, Steuergerät für Dieseldirekteinspritzanlage, Umschaltventil für Kühler
1076
17. Diagnoseanschluss, Kupplungspositionsgeber, Kupplungspedalschalter, Steuergerät für Dieseldirekteinspritzanlage	1077
18. Relais 2 für Spannungsversorgung, Klemme 15, Steuergerät für Dieseldirekteinspritzanlage	1078
19. Schalttafeleinsatz, Diagnose-Interface für Datenbus	1079
20. Drehzahlmesser, Kraftstoffvorratsanzeige, Kontrollleuchten, Geber für Kühlmittelmangelanzeige, Kühlmitteltemperaturanzeige, Geschwindigkeitsmesser
1080
21. Warnsummer, Öldruckschalter, Schalttafeleinsatz, Kontrollleuchte für Öldruck, Kontrollleuchte für Öldruck	1081
114 - Komfortsystem	1082-1099
1. Komfortsystem	1082
2. Sicherungen, Steuergerät für Bordnetz	1083
3. Fensterhebermotor, Fahrerseite, Fensterhebermotor Fahrerseite, Türsteuergerät, Fahrerseite	1084
4. Schalter für Fensterheber, Fahrerseite, Taster für Innenverriegelung, Türsteuergerät, Fahrerseite	1085
5. Schalter für Spiegelverstellung, Schalter für Spiegelverstellung, Türsteuergerät, Fahrerseite	1086
6. Motoren für Spiegelverstellung Fahrerseite, beheizbarer Außenspiegel Fahrerseite, Türsteuergerät, Fahrerseite	1087
7. Türkontaktschalter Fahrerseite, Motor für Zentralverriegelung in Fahrertür, Türsteuergerät Fahrerseite	1088
8. Schalter für Fensterheber, Beifahrerseite, Fensterhebermotor Beifahrerseite, Türsteuergerät Beifahrerseite	1089
9. Motoren für Spiegelverstellung Beifahrerseite, beheizbarer Außenspiegel Beifahrerseite, Türsteuergerät Beifahrerseite	1090
10. Motoren für Zentralverriegelung und Diebstahlwarnanlage, Türsteuergerät hinten links, Zentralsteuergerät für Komfortsystem
1091
11. Schließeinheit für Zentralverriegelung, Taster für Fensterheber, Tür hinten rechts, Motor für Zentralverriegelung, Fensterhebermotor hinten, Türsteuergerät hinten rechts
1092
12. Schließeinheit für Zentralverriegelung Tür hinten links, Fensterhebermotor hinten links, Fensterhebermotor hinten links, Türsteuergerät hinten links
1093
13. Schließeinheit für Zentralverriegelung für Tür hinten rechts, Fensterhebermotor hinten rechts, Fensterhebermotor hinten rechts, Türsteuergerät hinten rechts
1094
14. Motor für Heckklappenentriegelung, Taster für Entriegelung, Heckklappengriff, Schließeinheit für Heckklappe	1095
15. Schiebedachmotor, Taster für Schiebedach, Regler für Schiebedach-Verstellung, Steuergerät für Schiebedach	1096
16. Automatisch abblendender Innenspiegel, Bordnetzsteuergerät	1097
17. Alarmhorn, Kontaktschalter für Motorhaube, Kofferraumleuchte, Sensor für Innenraumüberwachung	1098
18. Diagnose-Interface für Datenbus, Steuergerät für Bordnetz	1099
115 - Airbags	1100-1106
1. Airbags	1100
2. Batterie, Relais 2 für Spannungsversorgung, Kl. 15, Steuergerät für Airbag	1101
3. Gurtschalter Fahrerseite und Beifahrerseite, Zünder für Airbag Fahrerseite, Zünder für Gurtstraffer Fahrerseite	1102
4. Schlüsselschalter für Abschaltung des Airbags Beifahrerseite, Zünder für Gurtstraffer Beifahrerseite, Zünder 1 für Airbag Beifahrerseite
1103
5. Zünder für Seitenairbag Fahrerseite und Beifahrerseite, Crashsensoren für Seitenairbag Fahrerseite und Beifahrerseite, Steuergerät für Airbag
1104
6. Zünder für Kopfairbag Fahrerseite und Beifahrerseite, Crashsensoren für Seitenairbag hinten Fahrerseite und Beifahrerseite, Steuergerät für Airbag
1105
7. Schalttafeleinsatz, Diagnose-Interface für Datenbus, Kontrollleuchte für Airbag, Kontrolllampe für Sicherheitsgurt-Warnsystem, Steuergerät für Airbag
1106
116 - Airbags	1107-1113
1. Airbags	1107
2. Batterie, Relais 2 für Spannungsversorgung, Kl. 15, Steuergerät für Airbag	1108
3. Gurtschalter Fahrerseite und Beifahrerseite, Zünder für Airbag Fahrerseite, Zünder für Gurtstraffer Fahrerseite	1109
4. Schlüsselschalter für Abschaltung des Airbags Beifahrerseite, Zünder für Gurtstraffer Beifahrerseite, Zünder 1 für Airbag Beifahrerseite
1110
5. Zünder für Seitenairbag Fahrerseite und Beifahrerseite, Crashsensoren für Seitenairbag Fahrerseite und Beifahrerseite, Steuergerät für Airbag
1111
6. Zünder für Kopfairbag Fahrerseite und Beifahrerseite, Crashsensoren für Seitenairbag hinten Fahrerseite und Beifahrerseite, Steuergerät für Airbag
1112
7. Schalttafeleinsatz, Diagnose-Interface für Datenbus, Kontrollleuchte für Airbag, Kontrolllampe für Sicherheitsgurt-Warnsystem, Steuergerät für Airbag
1113
117 - Antiblockiersystem (ABS) MARK 70 mit elektronischer Differentialsperre EDS) und Antriebsschlupfregelung (ASR)	1114-1120
1. Antiblockiersystem (ABS) MARK 70 mit elektronischer Differentialsperre EDS) und Antriebsschlupfregelung (ASR)	1114
2. Relais 2 für Spannungsversorgung der Klemme 15, Steuergerät für ABS mit EDS	1115
3. Hydraulikpumpe ABS, Steuergerät für ABS mit EDS, Einlass- und Auslassventile für ABS	1116
4. Drehzahlfühler, Steuergerät für ABS mit EDS, Schaltventile für Fahrdynamikregelung	1117
5. Lampe für Beleuchtung des Antriebsschlupftregelungsschalters, Taster für ASR und ESP, Steuergerät für ABS mit EDS, Einlass- und Auslassventile für ABS vorn
1118
6. Schalttafeleinsatz, Diagnose-Interface für Datenbus	1119
